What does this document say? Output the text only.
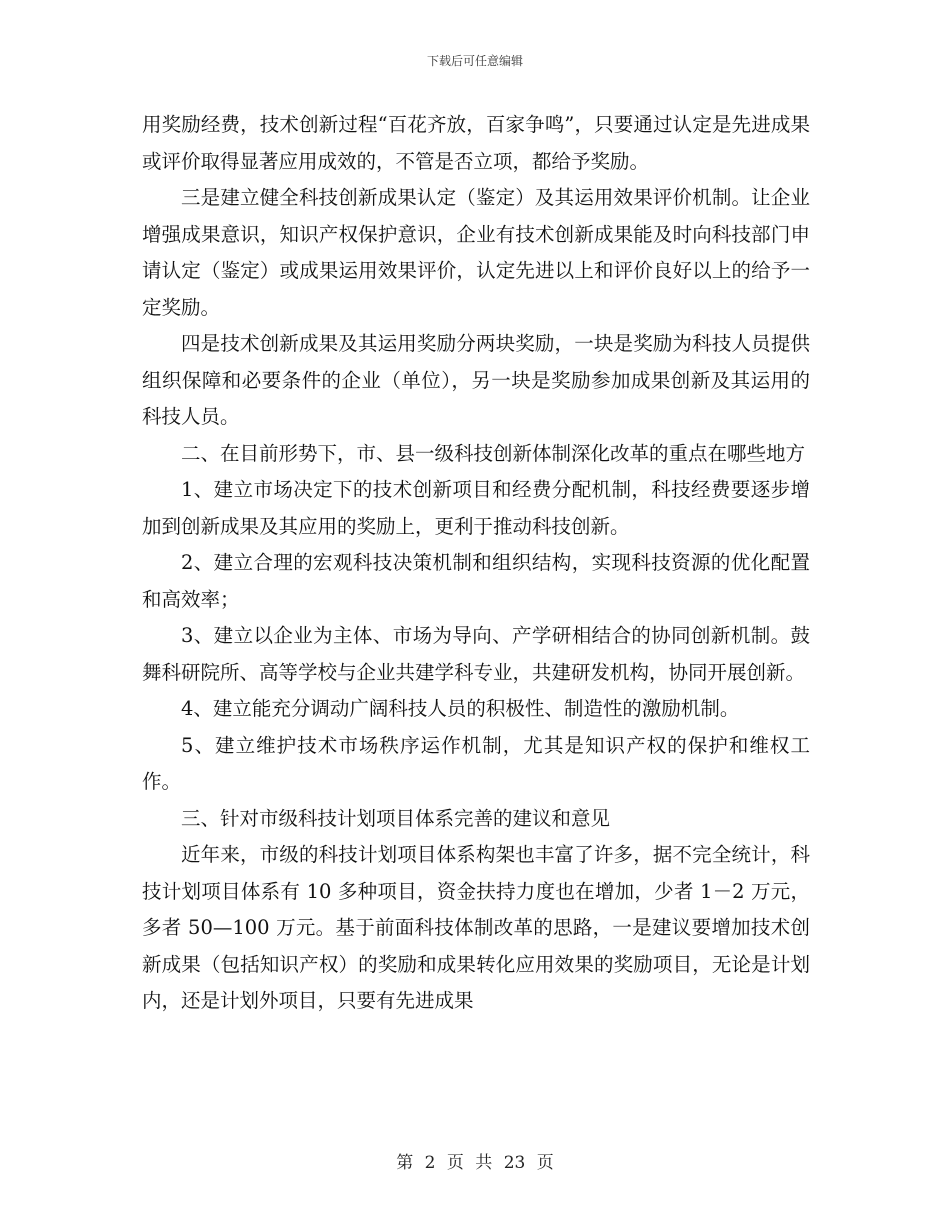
下载后可任意编辑

用奖励经费，技术创新过程“百花齐放，百家争鸣”，只要通过认定是先进成果或评价取得显著应用成效的，不管是否立项，都给予奖励。

三是建立健全科技创新成果认定（鉴定）及其运用效果评价机制。让企业增强成果意识，知识产权保护意识，企业有技术创新成果能及时向科技部门申请认定（鉴定）或成果运用效果评价，认定先进以上和评价良好以上的给予一定奖励。

四是技术创新成果及其运用奖励分两块奖励，一块是奖励为科技人员提供组织保障和必要条件的企业（单位），另一块是奖励参加成果创新及其运用的科技人员。

二、在目前形势下，市、县一级科技创新体制深化改革的重点在哪些地方

1、建立市场决定下的技术创新项目和经费分配机制，科技经费要逐步增加到创新成果及其应用的奖励上，更利于推动科技创新。

2、建立合理的宏观科技决策机制和组织结构，实现科技资源的优化配置和高效率；

3、建立以企业为主体、市场为导向、产学研相结合的协同创新机制。鼓舞科研院所、高等学校与企业共建学科专业，共建研发机构，协同开展创新。

4、建立能充分调动广阔科技人员的积极性、制造性的激励机制。

5、建立维护技术市场秩序运作机制，尤其是知识产权的保护和维权工作。

三、针对市级科技计划项目体系完善的建议和意见

近年来，市级的科技计划项目体系构架也丰富了许多，据不完全统计，科技计划项目体系有 10 多种项目，资金扶持力度也在增加，少者 1－2 万元，多者 50—100 万元。基于前面科技体制改革的思路，一是建议要增加技术创新成果（包括知识产权）的奖励和成果转化应用效果的奖励项目，无论是计划内，还是计划外项目，只要有先进成果

第 2 页 共 23 页
